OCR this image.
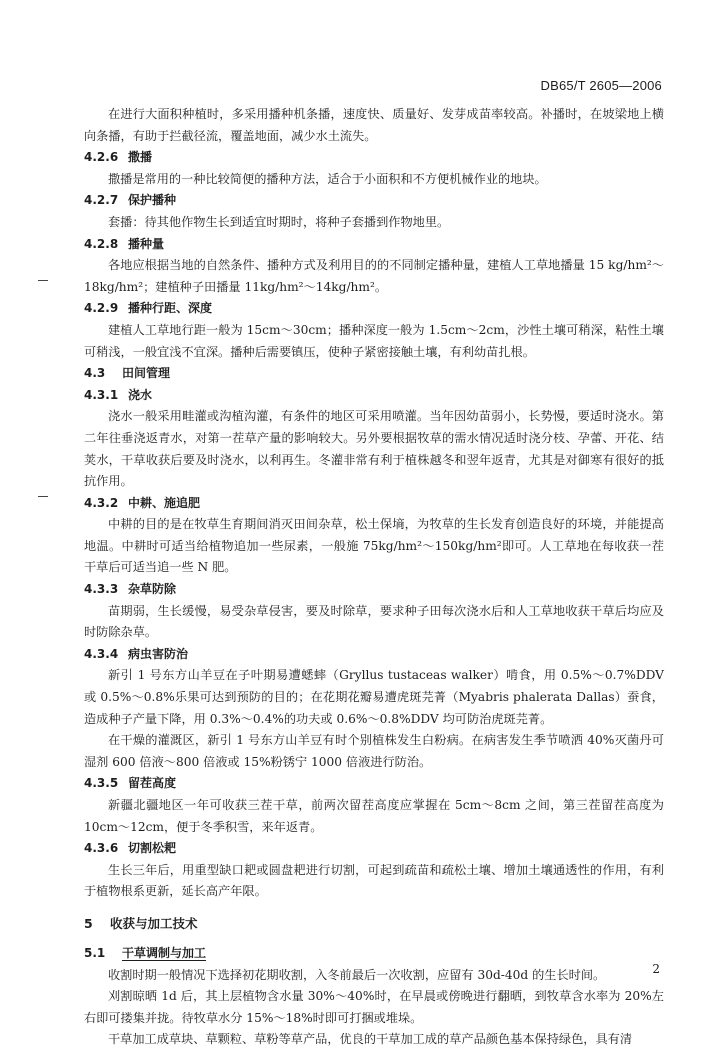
DB65/T 2605—2006

在进行大面积种植时，多采用播种机条播，速度快、质量好、发芽成苗率较高。补播时，在坡梁地上横向条播，有助于拦截径流，覆盖地面，减少水土流失。

4.2.6 撒播

撒播是常用的一种比较简便的播种方法，适合于小面积和不方便机械作业的地块。

4.2.7 保护播种

套播：待其他作物生长到适宜时期时，将种子套播到作物地里。

4.2.8 播种量

各地应根据当地的自然条件、播种方式及利用目的的不同制定播种量，建植人工草地播量 15 kg/hm²～18kg/hm²；建植种子田播量 11kg/hm²～14kg/hm²。

4.2.9 播种行距、深度

建植人工草地行距一般为 15cm～30cm；播种深度一般为 1.5cm～2cm，沙性土壤可稍深，粘性土壤可稍浅，一般宜浅不宜深。播种后需要镇压，使种子紧密接触土壤，有利幼苗扎根。

4.3 田间管理
4.3.1 浇水

浇水一般采用畦灌或沟植沟灌，有条件的地区可采用喷灌。当年因幼苗弱小，长势慢，要适时浇水。第二年往垂浇返青水，对第一茬草产量的影响较大。另外要根据牧草的需水情况适时浇分枝、孕蕾、开花、结荚水，干草收获后要及时浇水，以利再生。冬灌非常有利于植株越冬和翌年返青，尤其是对御寒有很好的抵抗作用。

4.3.2 中耕、施追肥

中耕的目的是在牧草生育期间消灭田间杂草，松土保墒，为牧草的生长发育创造良好的环境，并能提高地温。中耕时可适当给植物追加一些尿素，一般施 75kg/hm²～150kg/hm²即可。人工草地在每收获一茬干草后可适当追一些 N 肥。

4.3.3 杂草防除

苗期弱，生长缓慢，易受杂草侵害，要及时除草，要求种子田每次浇水后和人工草地收获干草后均应及时防除杂草。

4.3.4 病虫害防治

新引 1 号东方山羊豆在子叶期易遭蟋蟀（Gryllus tustaceas walker）啃食，用 0.5%～0.7%DDV 或 0.5%～0.8%乐果可达到预防的目的；在花期花瓣易遭虎斑芫菁（Myabris phalerata Dallas）蚕食，造成种子产量下降，用 0.3%～0.4%的功夫或 0.6%～0.8%DDV 均可防治虎斑芫菁。

在干燥的灌溉区，新引 1 号东方山羊豆有时个别植株发生白粉病。在病害发生季节喷洒 40%灭菌丹可湿剂 600 倍液～800 倍液或 15%粉锈宁 1000 倍液进行防治。

4.3.5 留茬高度

新疆北疆地区一年可收获三茬干草，前两次留茬高度应掌握在 5cm～8cm 之间，第三茬留茬高度为 10cm～12cm，便于冬季积雪，来年返青。

4.3.6 切割松耙

生长三年后，用重型缺口耙或圆盘耙进行切割，可起到疏苗和疏松土壤、增加土壤通透性的作用，有利于植物根系更新，延长高产年限。

5 收获与加工技术
5.1 干草调制与加工

收割时期一般情况下选择初花期收割，入冬前最后一次收割，应留有 30d-40d 的生长时间。

刈割晾晒 1d 后，其上层植物含水量 30%～40%时，在早晨或傍晚进行翻晒，到牧草含水率为 20%左右即可搂集并拢。待牧草水分 15%～18%时即可打捆或堆垛。

干草加工成草块、草颗粒、草粉等草产品，优良的干草加工成的草产品颜色基本保持绿色，具有清

2
